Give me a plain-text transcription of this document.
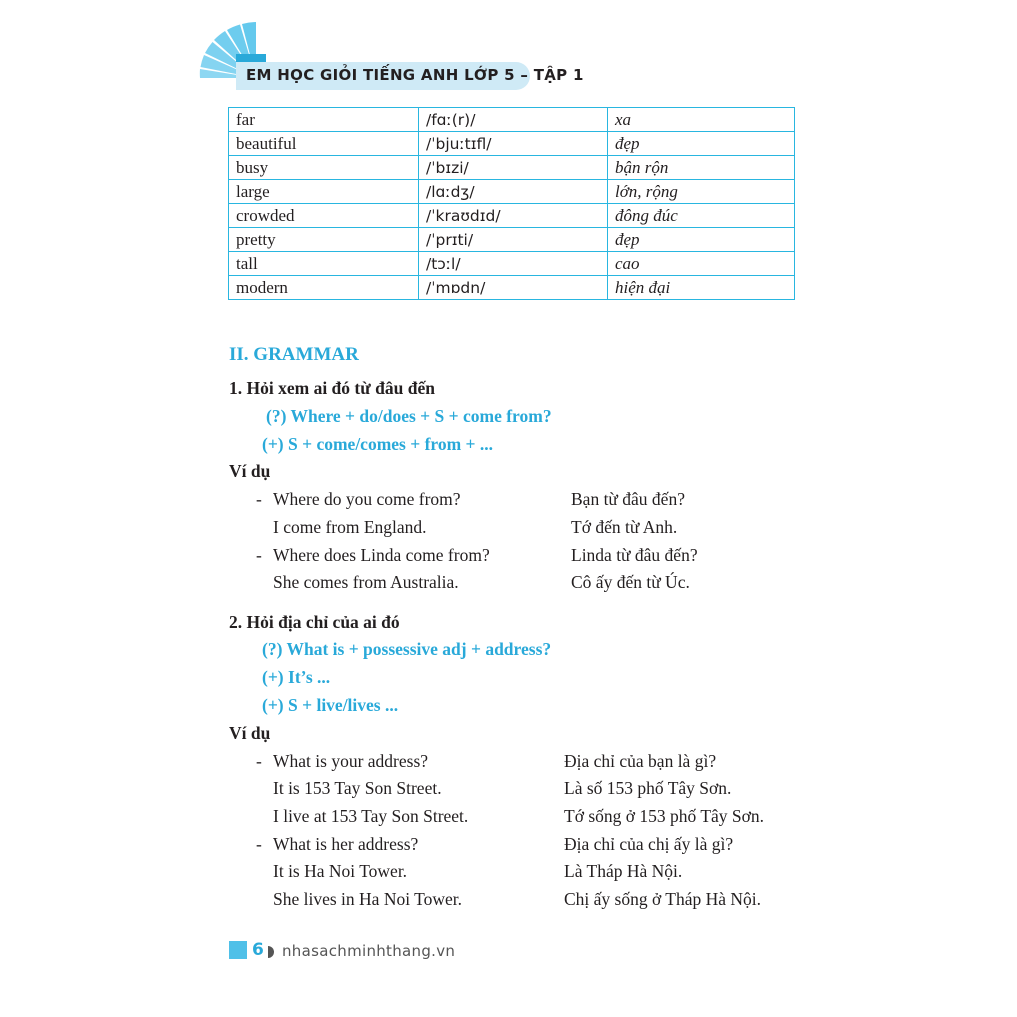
EM HỌC GIỎI TIẾNG ANH LỚP 5 – TẬP 1
far	/fɑː(r)/	xa
beautiful	/ˈbjuːtɪfl/	đẹp
busy	/ˈbɪzi/	bận rộn
large	/lɑːdʒ/	lớn, rộng
crowded	/ˈkraʊdɪd/	đông đúc
pretty	/ˈprɪti/	đẹp
tall	/tɔːl/	cao
modern	/ˈmɒdn/	hiện đại
II. GRAMMAR
1. Hỏi xem ai đó từ đâu đến
(?) Where + do/does + S + come from?
(+) S + come/comes + from + ...
Ví dụ
- Where do you come from?	Bạn từ đâu đến?
I come from England.	Tớ đến từ Anh.
- Where does Linda come from?	Linda từ đâu đến?
She comes from Australia.	Cô ấy đến từ Úc.
2. Hỏi địa chỉ của ai đó
(?) What is + possessive adj + address?
(+) It’s ...
(+) S + live/lives ...
Ví dụ
- What is your address?	Địa chỉ của bạn là gì?
It is 153 Tay Son Street.	Là số 153 phố Tây Sơn.
I live at 153 Tay Son Street.	Tớ sống ở 153 phố Tây Sơn.
- What is her address?	Địa chỉ của chị ấy là gì?
It is Ha Noi Tower.	Là Tháp Hà Nội.
She lives in Ha Noi Tower.	Chị ấy sống ở Tháp Hà Nội.
6 nhasachminhthang.vn
